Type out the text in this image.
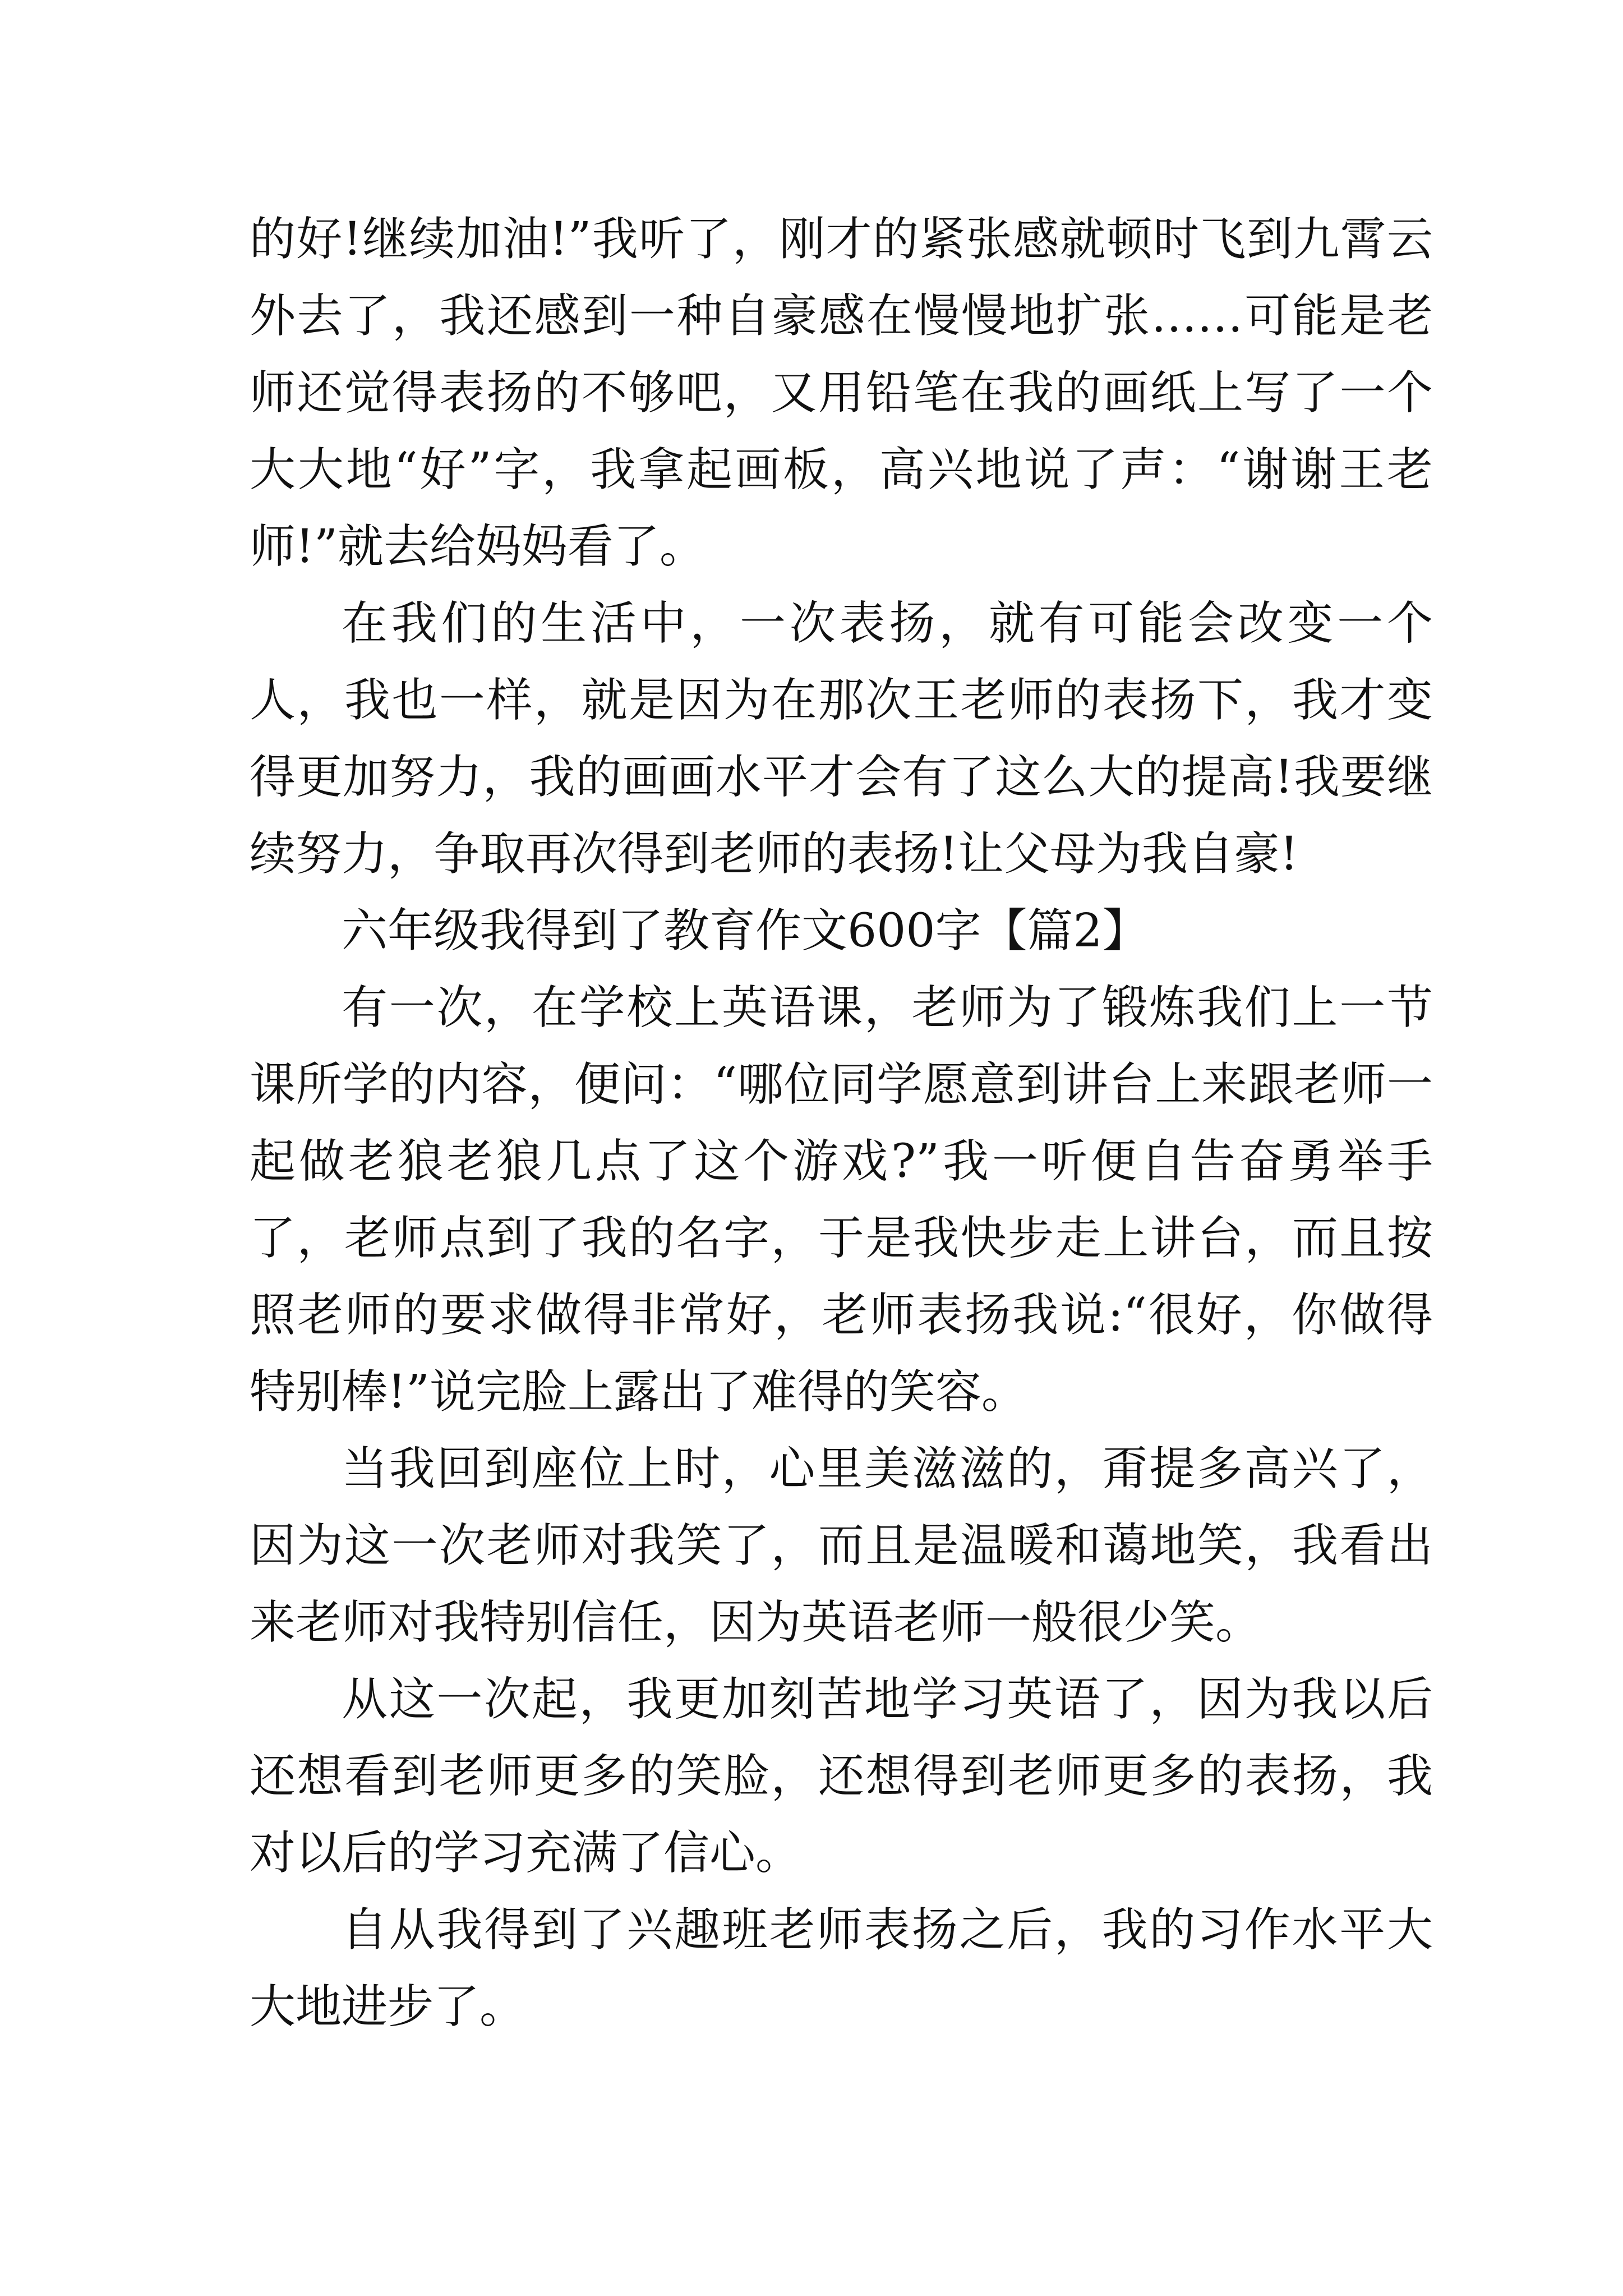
的好!继续加油!”我听了，刚才的紧张感就顿时飞到九霄云外去了，我还感到一种自豪感在慢慢地扩张……可能是老师还觉得表扬的不够吧，又用铅笔在我的画纸上写了一个大大地“好”字，我拿起画板，高兴地说了声：“谢谢王老师!”就去给妈妈看了。

在我们的生活中，一次表扬，就有可能会改变一个人，我也一样，就是因为在那次王老师的表扬下，我才变得更加努力，我的画画水平才会有了这么大的提高!我要继续努力，争取再次得到老师的表扬!让父母为我自豪!

六年级我得到了教育作文600字【篇2】

有一次，在学校上英语课，老师为了锻炼我们上一节课所学的内容，便问：“哪位同学愿意到讲台上来跟老师一起做老狼老狼几点了这个游戏?”我一听便自告奋勇举手了，老师点到了我的名字，于是我快步走上讲台，而且按照老师的要求做得非常好，老师表扬我说:“很好，你做得特别棒!”说完脸上露出了难得的笑容。

当我回到座位上时，心里美滋滋的，甭提多高兴了，因为这一次老师对我笑了，而且是温暖和蔼地笑，我看出来老师对我特别信任，因为英语老师一般很少笑。

从这一次起，我更加刻苦地学习英语了，因为我以后还想看到老师更多的笑脸，还想得到老师更多的表扬，我对以后的学习充满了信心。

自从我得到了兴趣班老师表扬之后，我的习作水平大大地进步了。
